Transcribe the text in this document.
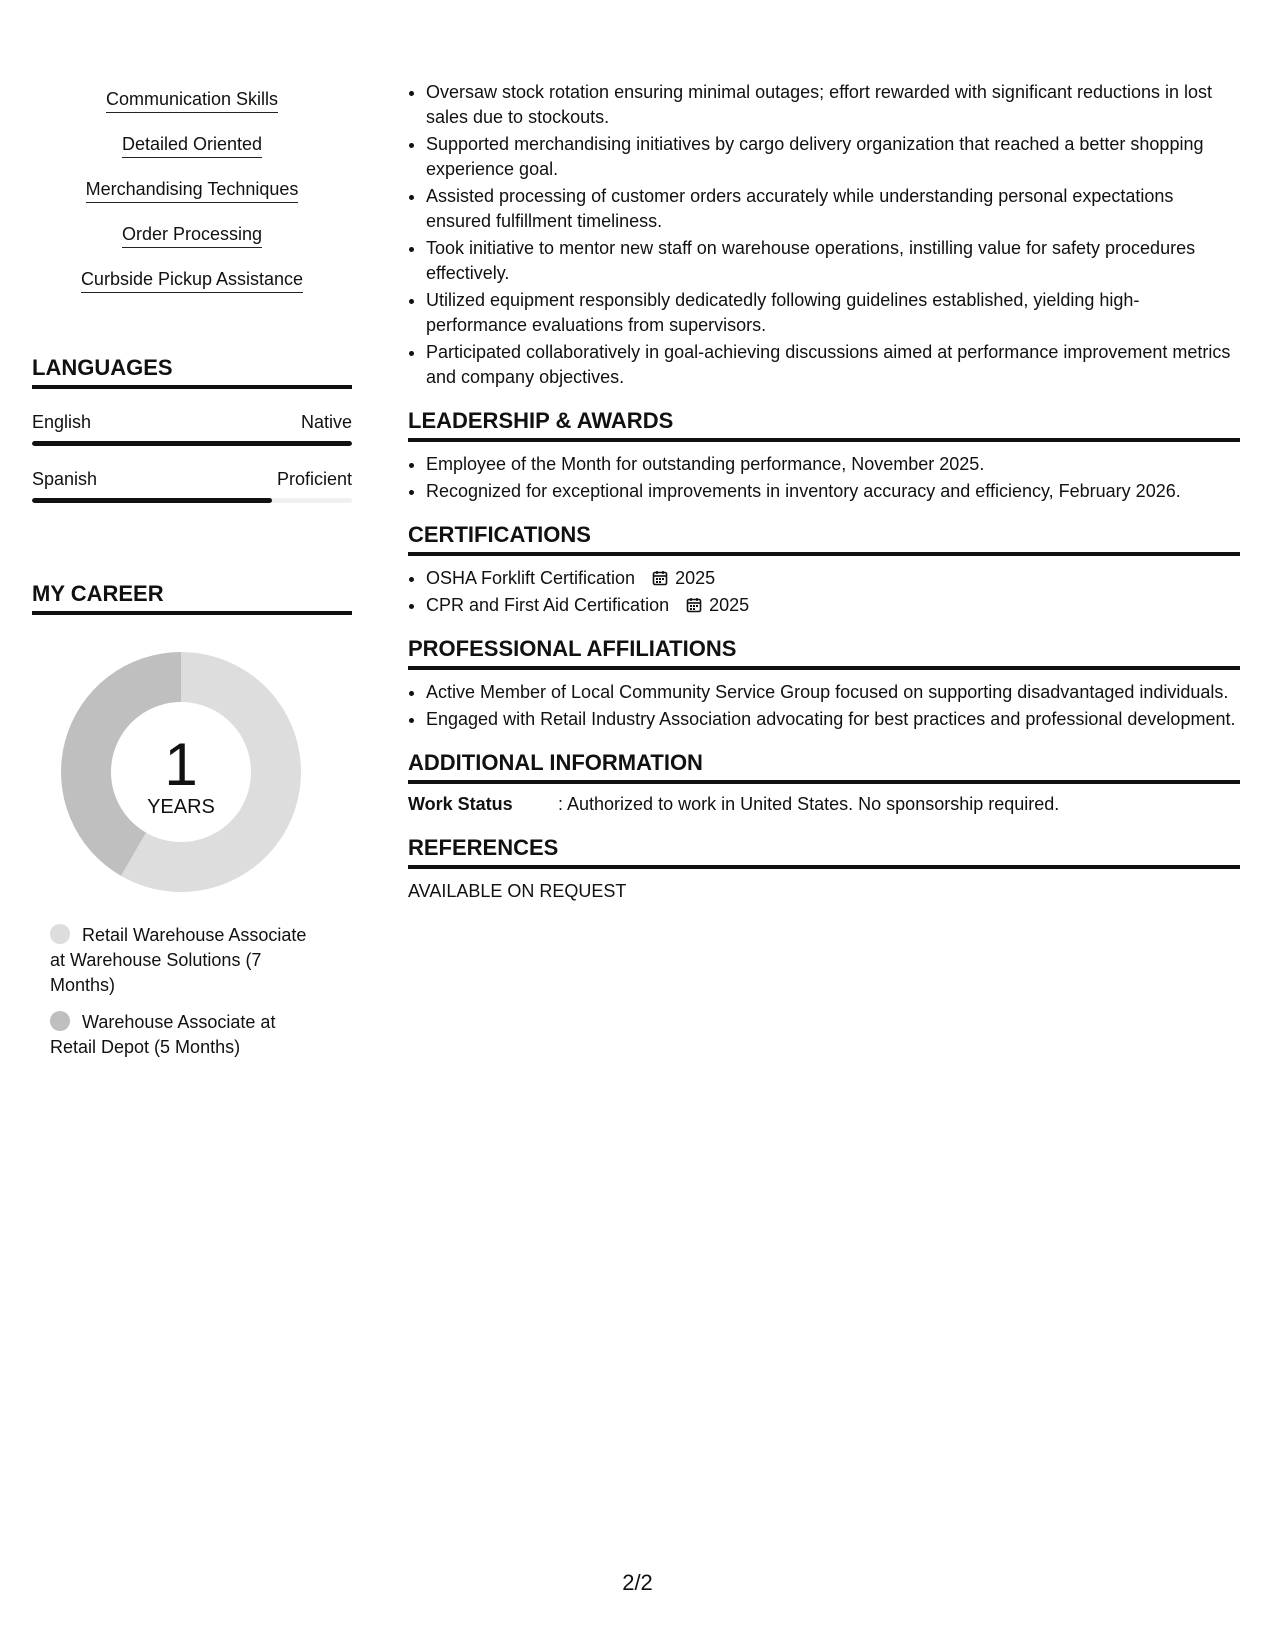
Communication Skills
Detailed Oriented
Merchandising Techniques
Order Processing
Curbside Pickup Assistance
LANGUAGES
English	Native
Spanish	Proficient
MY CAREER
1
YEARS
Retail Warehouse Associate at Warehouse Solutions (7 Months)
Warehouse Associate at Retail Depot (5 Months)
• Oversaw stock rotation ensuring minimal outages; effort rewarded with significant reductions in lost sales due to stockouts.
• Supported merchandising initiatives by cargo delivery organization that reached a better shopping experience goal.
• Assisted processing of customer orders accurately while understanding personal expectations ensured fulfillment timeliness.
• Took initiative to mentor new staff on warehouse operations, instilling value for safety procedures effectively.
• Utilized equipment responsibly dedicatedly following guidelines established, yielding high-performance evaluations from supervisors.
• Participated collaboratively in goal-achieving discussions aimed at performance improvement metrics and company objectives.
LEADERSHIP & AWARDS
• Employee of the Month for outstanding performance, November 2025.
• Recognized for exceptional improvements in inventory accuracy and efficiency, February 2026.
CERTIFICATIONS
• OSHA Forklift Certification 2025
• CPR and First Aid Certification 2025
PROFESSIONAL AFFILIATIONS
• Active Member of Local Community Service Group focused on supporting disadvantaged individuals.
• Engaged with Retail Industry Association advocating for best practices and professional development.
ADDITIONAL INFORMATION
Work Status	: Authorized to work in United States. No sponsorship required.
REFERENCES
AVAILABLE ON REQUEST
2/2
